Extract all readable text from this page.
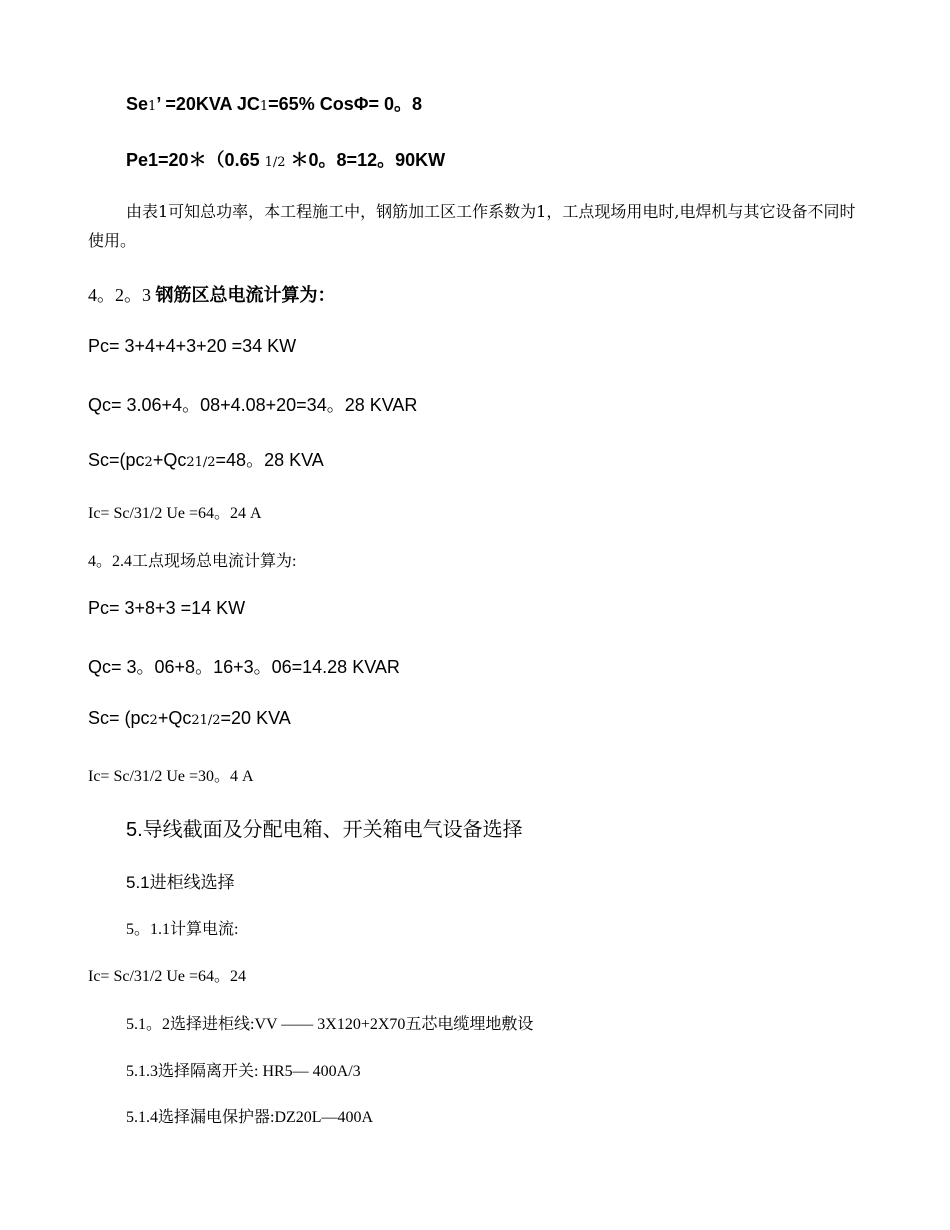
Se1’ =20KVA JC1=65% CosΦ= 0。8
Pe1=20＊（0.65 1/2 ＊0。8=12。90KW
由表1可知总功率，本工程施工中，钢筋加工区工作系数为1，工点现场用电时,电焊机与其它设备不同时使用。
4。2。3 钢筋区总电流计算为：
Pc= 3+4+4+3+20 =34 KW
Qc= 3.06+4。08+4.08+20=34。28 KVAR
Sc=(pc2+Qc21/2=48。28 KVA
Ic= Sc/31/2 Ue =64。24 A
4。2.4工点现场总电流计算为:
Pc= 3+8+3 =14 KW
Qc= 3。06+8。16+3。06=14.28 KVAR
Sc= (pc2+Qc21/2=20 KVA
Ic= Sc/31/2 Ue =30。4 A
5.导线截面及分配电箱、开关箱电气设备选择
5.1进柜线选择
5。1.1计算电流:
Ic= Sc/31/2 Ue =64。24
5.1。2选择进柜线:VV —— 3X120+2X70五芯电缆埋地敷设
5.1.3选择隔离开关: HR5— 400A/3
5.1.4选择漏电保护器:DZ20L—400A
